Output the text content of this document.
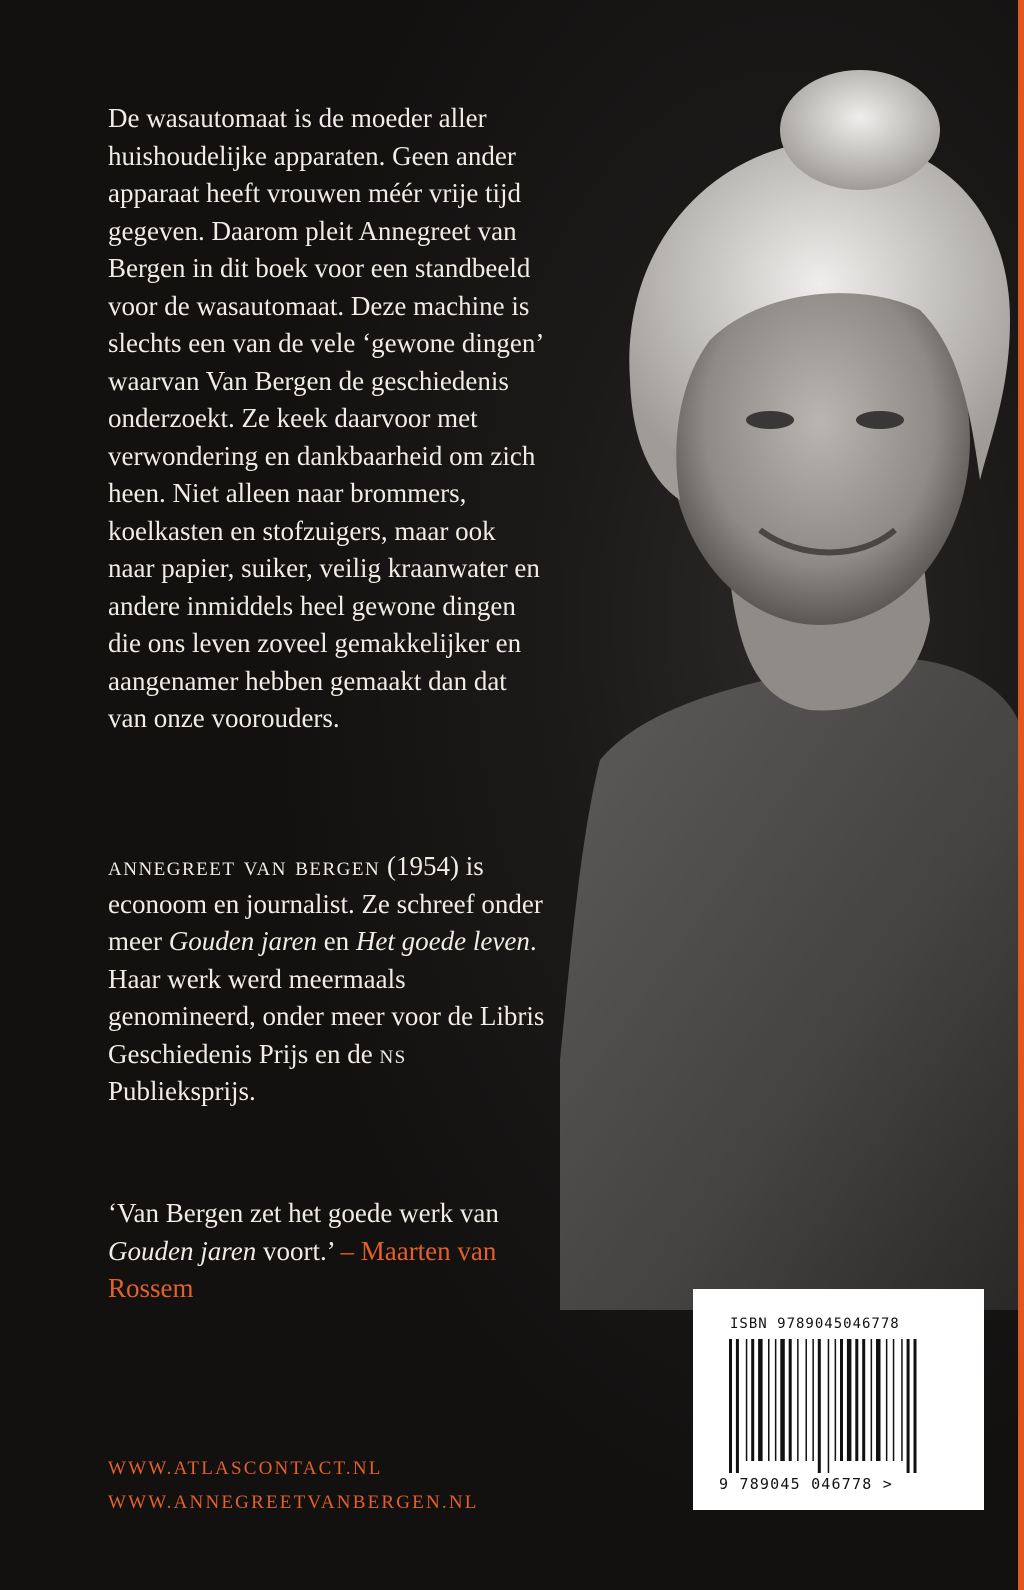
De wasautomaat is de moeder aller huishoudelijke apparaten. Geen ander apparaat heeft vrouwen méér vrije tijd gegeven. Daarom pleit Annegreet van Bergen in dit boek voor een standbeeld voor de wasautomaat. Deze machine is slechts een van de vele ‘gewone dingen’ waarvan Van Bergen de geschiedenis onderzoekt. Ze keek daarvoor met verwondering en dankbaarheid om zich heen. Niet alleen naar brommers, koelkasten en stofzuigers, maar ook naar papier, suiker, veilig kraanwater en andere inmiddels heel gewone dingen die ons leven zoveel gemakkelijker en aangenamer hebben gemaakt dan dat van onze voorouders.

annegreet van bergen (1954) is econoom en journalist. Ze schreef onder meer Gouden jaren en Het goede leven. Haar werk werd meermaals genomineerd, onder meer voor de Libris Geschiedenis Prijs en de ns Publieksprijs.

‘Van Bergen zet het goede werk van Gouden jaren voort.’ – Maarten van Rossem

WWW.ATLASCONTACT.NL

WWW.ANNEGREETVANBERGEN.NL

ISBN 9789045046778
9 789045 046778 >
